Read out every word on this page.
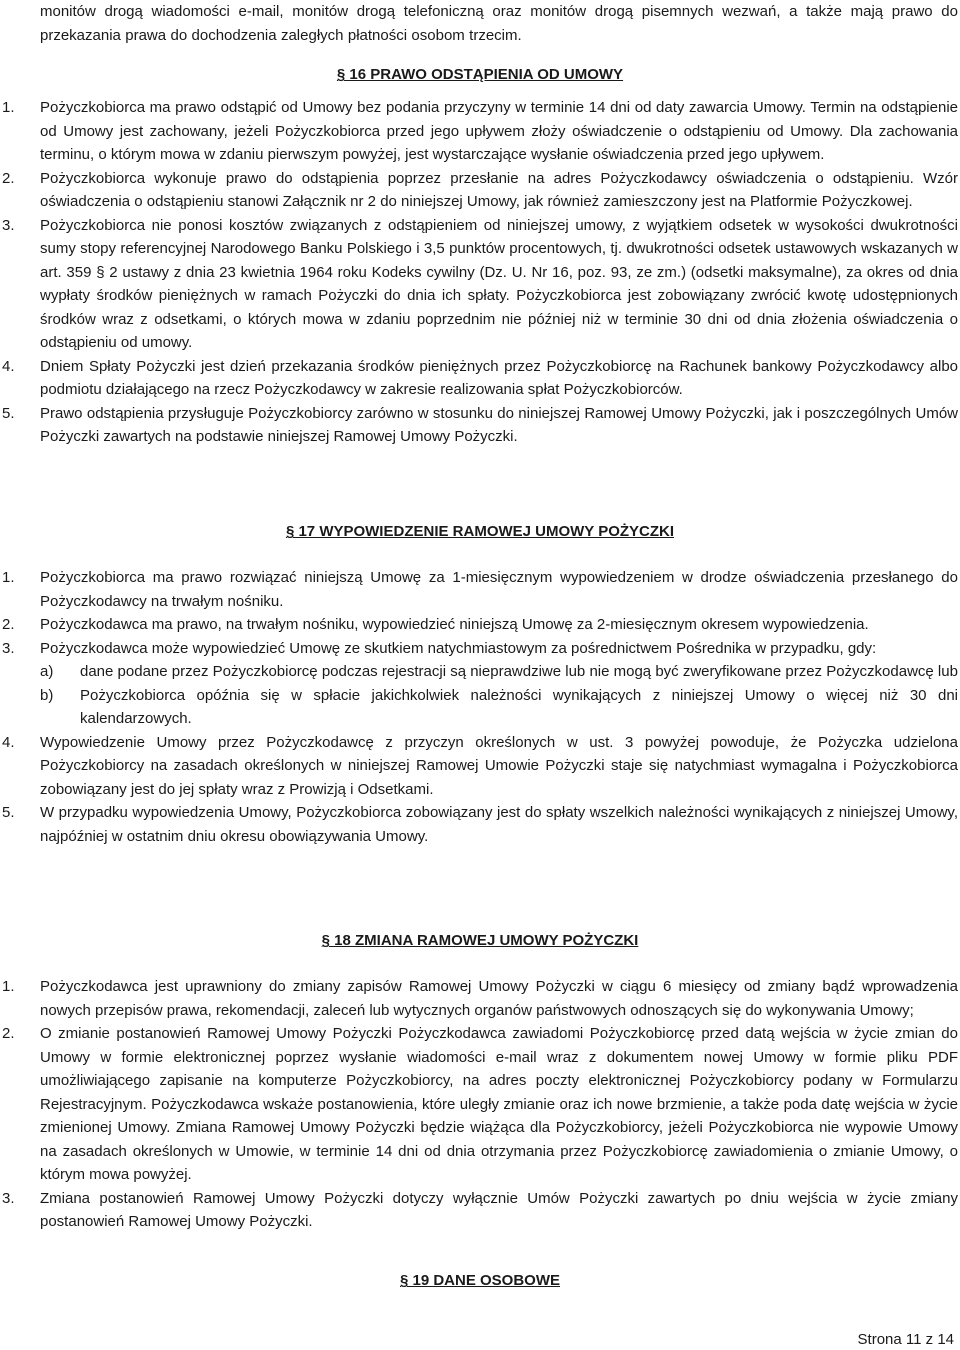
monitów drogą wiadomości e-mail, monitów drogą telefoniczną oraz monitów drogą pisemnych wezwań, a także mają prawo do przekazania prawa do dochodzenia zaległych płatności osobom trzecim.

§ 16 PRAWO ODSTĄPIENIA OD UMOWY

1. Pożyczkobiorca ma prawo odstąpić od Umowy bez podania przyczyny w terminie 14 dni od daty zawarcia Umowy. Termin na odstąpienie od Umowy jest zachowany, jeżeli Pożyczkobiorca przed jego upływem złoży oświadczenie o odstąpieniu od Umowy. Dla zachowania terminu, o którym mowa w zdaniu pierwszym powyżej, jest wystarczające wysłanie oświadczenia przed jego upływem.

2. Pożyczkobiorca wykonuje prawo do odstąpienia poprzez przesłanie na adres Pożyczkodawcy oświadczenia o odstąpieniu. Wzór oświadczenia o odstąpieniu stanowi Załącznik nr 2 do niniejszej Umowy, jak również zamieszczony jest na Platformie Pożyczkowej.

3. Pożyczkobiorca nie ponosi kosztów związanych z odstąpieniem od niniejszej umowy, z wyjątkiem odsetek w wysokości dwukrotności sumy stopy referencyjnej Narodowego Banku Polskiego i 3,5 punktów procentowych, tj. dwukrotności odsetek ustawowych wskazanych w art. 359 § 2 ustawy z dnia 23 kwietnia 1964 roku Kodeks cywilny (Dz. U. Nr 16, poz. 93, ze zm.) (odsetki maksymalne), za okres od dnia wypłaty środków pieniężnych w ramach Pożyczki do dnia ich spłaty. Pożyczkobiorca jest zobowiązany zwrócić kwotę udostępnionych środków wraz z odsetkami, o których mowa w zdaniu poprzednim nie później niż w terminie 30 dni od dnia złożenia oświadczenia o odstąpieniu od umowy.

4. Dniem Spłaty Pożyczki jest dzień przekazania środków pieniężnych przez Pożyczkobiorcę na Rachunek bankowy Pożyczkodawcy albo podmiotu działającego na rzecz Pożyczkodawcy w zakresie realizowania spłat Pożyczkobiorców.

5. Prawo odstąpienia przysługuje Pożyczkobiorcy zarówno w stosunku do niniejszej Ramowej Umowy Pożyczki, jak i poszczególnych Umów Pożyczki zawartych na podstawie niniejszej Ramowej Umowy Pożyczki.

§ 17 WYPOWIEDZENIE RAMOWEJ UMOWY POŻYCZKI

1. Pożyczkobiorca ma prawo rozwiązać niniejszą Umowę za 1-miesięcznym wypowiedzeniem w drodze oświadczenia przesłanego do Pożyczkodawcy na trwałym nośniku.

2. Pożyczkodawca ma prawo, na trwałym nośniku, wypowiedzieć niniejszą Umowę za 2-miesięcznym okresem wypowiedzenia.

3. Pożyczkodawca może wypowiedzieć Umowę ze skutkiem natychmiastowym za pośrednictwem Pośrednika w przypadku, gdy:

a) dane podane przez Pożyczkobiorcę podczas rejestracji są nieprawdziwe lub nie mogą być zweryfikowane przez Pożyczkodawcę lub

b) Pożyczkobiorca opóźnia się w spłacie jakichkolwiek należności wynikających z niniejszej Umowy o więcej niż 30 dni kalendarzowych.

4. Wypowiedzenie Umowy przez Pożyczkodawcę z przyczyn określonych w ust. 3 powyżej powoduje, że Pożyczka udzielona Pożyczkobiorcy na zasadach określonych w niniejszej Ramowej Umowie Pożyczki staje się natychmiast wymagalna i Pożyczkobiorca zobowiązany jest do jej spłaty wraz z Prowizją i Odsetkami.

5. W przypadku wypowiedzenia Umowy, Pożyczkobiorca zobowiązany jest do spłaty wszelkich należności wynikających z niniejszej Umowy, najpóźniej w ostatnim dniu okresu obowiązywania Umowy.

§ 18 ZMIANA RAMOWEJ UMOWY POŻYCZKI

1. Pożyczkodawca jest uprawniony do zmiany zapisów Ramowej Umowy Pożyczki w ciągu 6 miesięcy od zmiany bądź wprowadzenia nowych przepisów prawa, rekomendacji, zaleceń lub wytycznych organów państwowych odnoszących się do wykonywania Umowy;

2. O zmianie postanowień Ramowej Umowy Pożyczki Pożyczkodawca zawiadomi Pożyczkobiorcę przed datą wejścia w życie zmian do Umowy w formie elektronicznej poprzez wysłanie wiadomości e-mail wraz z dokumentem nowej Umowy w formie pliku PDF umożliwiającego zapisanie na komputerze Pożyczkobiorcy, na adres poczty elektronicznej Pożyczkobiorcy podany w Formularzu Rejestracyjnym. Pożyczkodawca wskaże postanowienia, które uległy zmianie oraz ich nowe brzmienie, a także poda datę wejścia w życie zmienionej Umowy. Zmiana Ramowej Umowy Pożyczki będzie wiążąca dla Pożyczkobiorcy, jeżeli Pożyczkobiorca nie wypowie Umowy na zasadach określonych w Umowie, w terminie 14 dni od dnia otrzymania przez Pożyczkobiorcę zawiadomienia o zmianie Umowy, o którym mowa powyżej.

3. Zmiana postanowień Ramowej Umowy Pożyczki dotyczy wyłącznie Umów Pożyczki zawartych po dniu wejścia w życie zmiany postanowień Ramowej Umowy Pożyczki.

§ 19 DANE OSOBOWE

Strona 11 z 14
